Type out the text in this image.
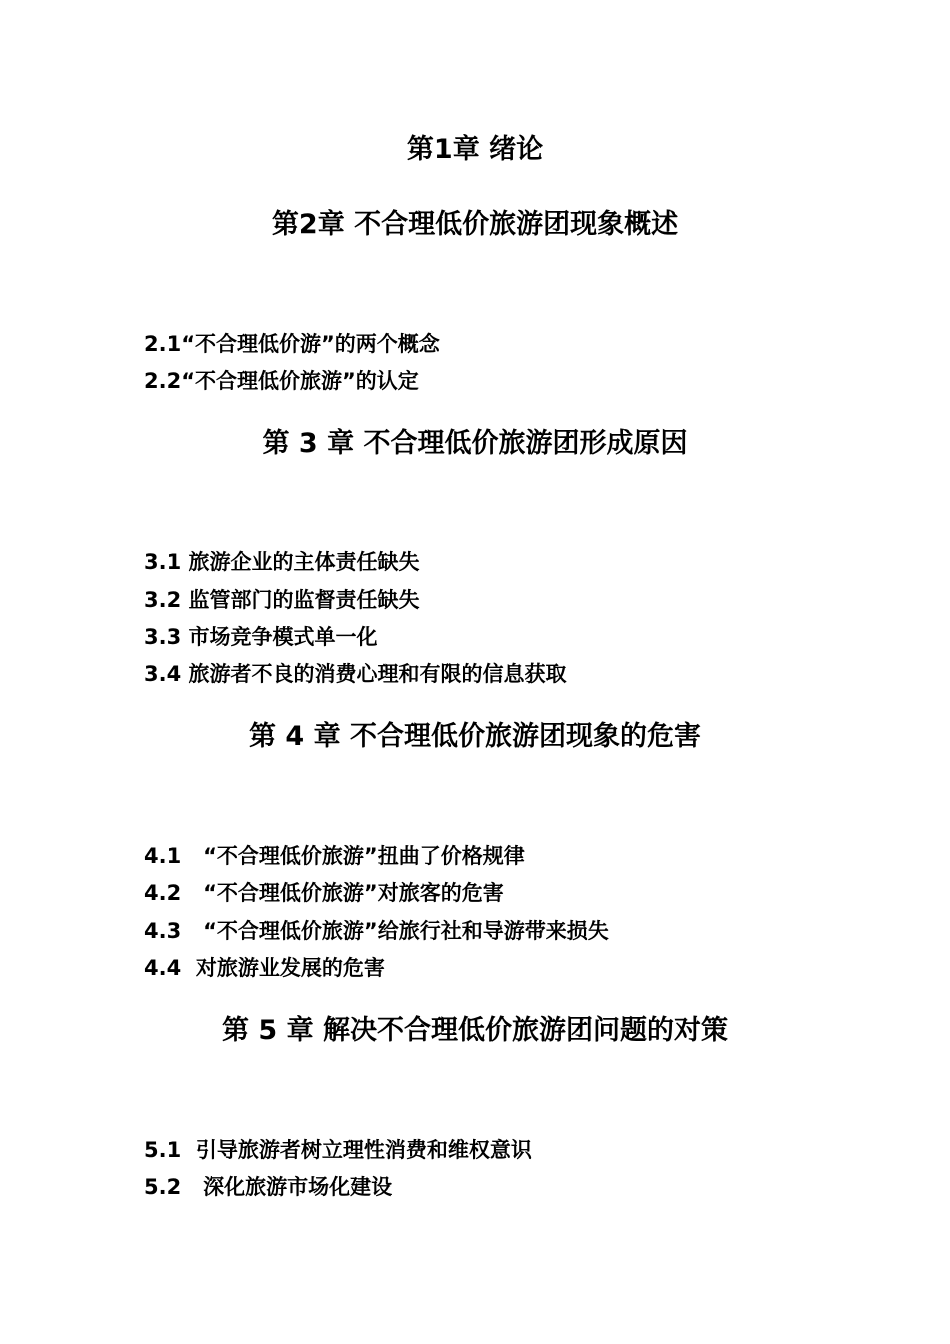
第1章 绪论
第2章 不合理低价旅游团现象概述

2.1“不合理低价游”的两个概念

2.2“不合理低价旅游”的认定

第 3 章 不合理低价旅游团形成原因

3.1 旅游企业的主体责任缺失

3.2 监管部门的监督责任缺失

3.3 市场竞争模式单一化

3.4 旅游者不良的消费心理和有限的信息获取

第 4 章 不合理低价旅游团现象的危害

4.1   “不合理低价旅游”扭曲了价格规律

4.2   “不合理低价旅游”对旅客的危害

4.3   “不合理低价旅游”给旅行社和导游带来损失

4.4  对旅游业发展的危害

第 5 章 解决不合理低价旅游团问题的对策

5.1  引导旅游者树立理性消费和维权意识

5.2   深化旅游市场化建设
